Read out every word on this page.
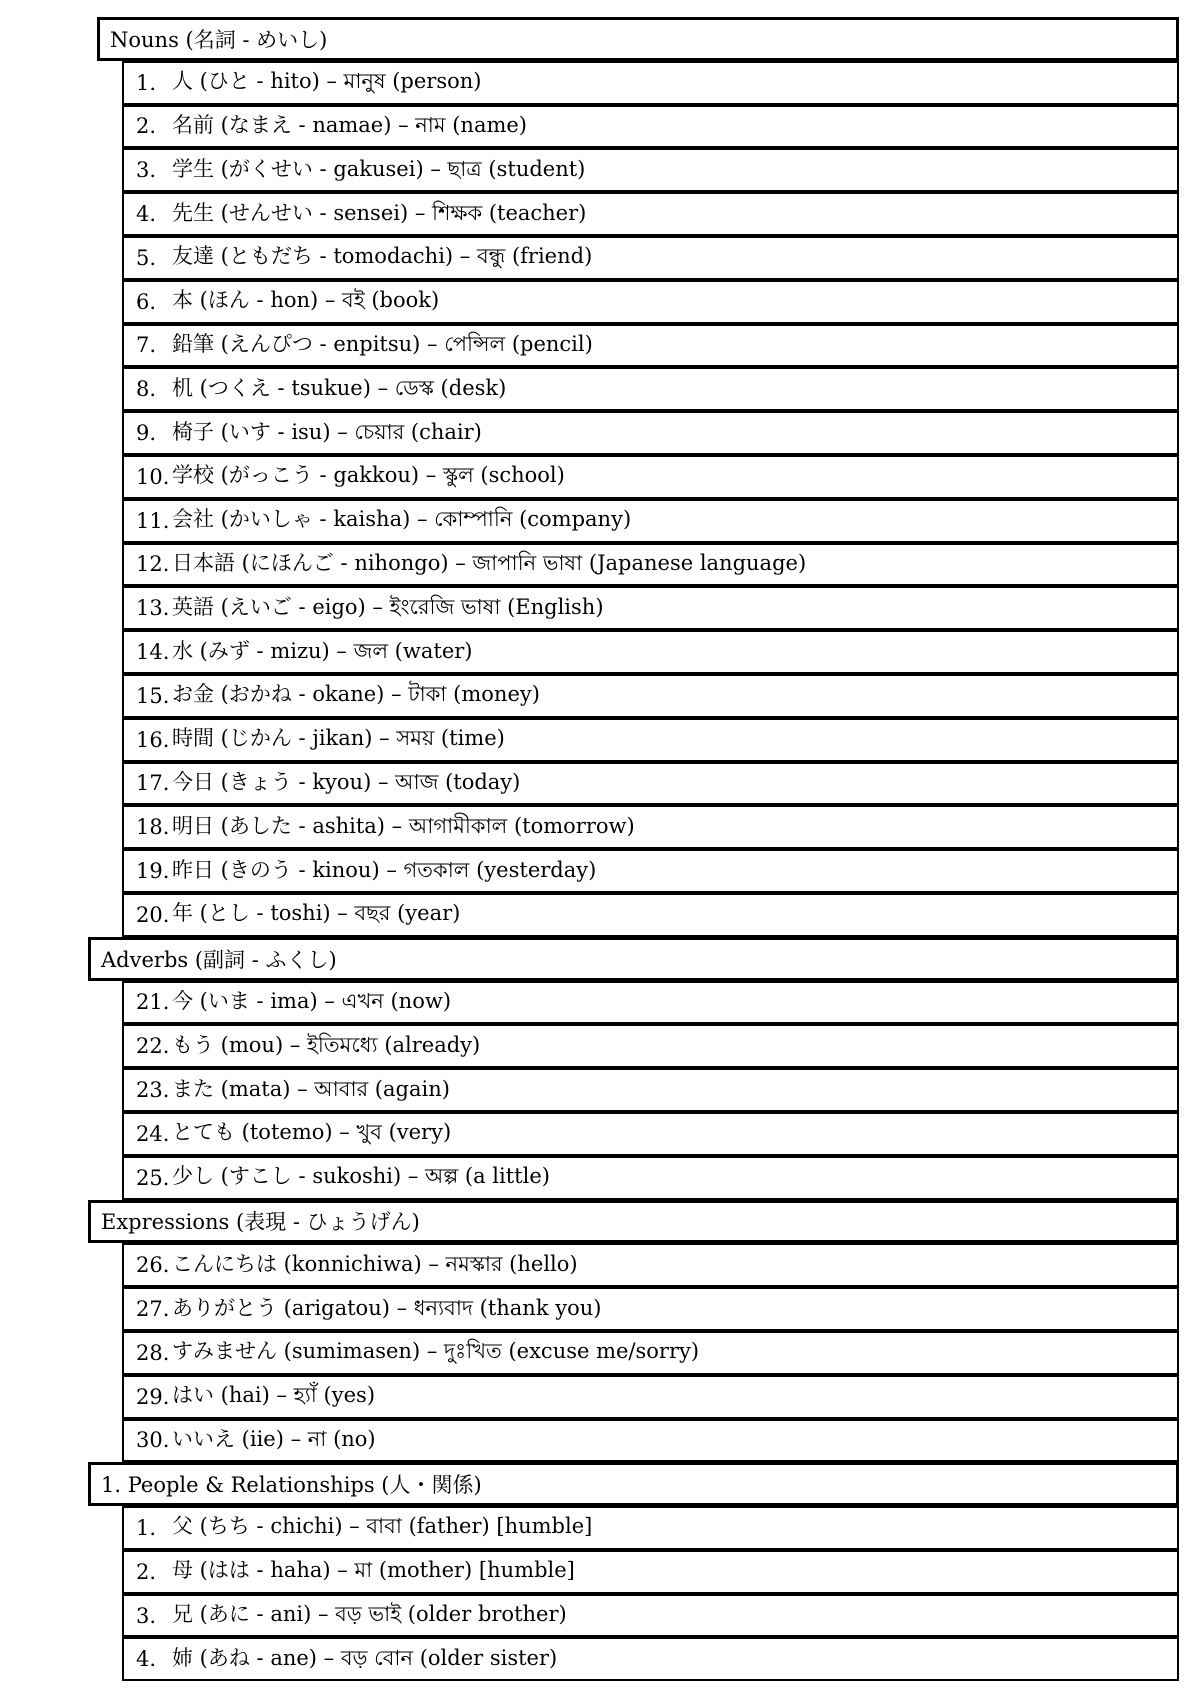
Nouns (名詞 - めいし)
1. 人 (ひと - hito) – মানুষ (person)
2. 名前 (なまえ - namae) – নাম (name)
3. 学生 (がくせい - gakusei) – ছাত্র (student)
4. 先生 (せんせい - sensei) – শিক্ষক (teacher)
5. 友達 (ともだち - tomodachi) – বন্ধু (friend)
6. 本 (ほん - hon) – বই (book)
7. 鉛筆 (えんぴつ - enpitsu) – পেন্সিল (pencil)
8. 机 (つくえ - tsukue) – ডেস্ক (desk)
9. 椅子 (いす - isu) – চেয়ার (chair)
10. 学校 (がっこう - gakkou) – স্কুল (school)
11. 会社 (かいしゃ - kaisha) – কোম্পানি (company)
12. 日本語 (にほんご - nihongo) – জাপানি ভাষা (Japanese language)
13. 英語 (えいご - eigo) – ইংরেজি ভাষা (English)
14. 水 (みず - mizu) – জল (water)
15. お金 (おかね - okane) – টাকা (money)
16. 時間 (じかん - jikan) – সময় (time)
17. 今日 (きょう - kyou) – আজ (today)
18. 明日 (あした - ashita) – আগামীকাল (tomorrow)
19. 昨日 (きのう - kinou) – গতকাল (yesterday)
20. 年 (とし - toshi) – বছর (year)
Adverbs (副詞 - ふくし)
21. 今 (いま - ima) – এখন (now)
22. もう (mou) – ইতিমধ্যে (already)
23. また (mata) – আবার (again)
24. とても (totemo) – খুব (very)
25. 少し (すこし - sukoshi) – অল্প (a little)
Expressions (表現 - ひょうげん)
26. こんにちは (konnichiwa) – নমস্কার (hello)
27. ありがとう (arigatou) – ধন্যবাদ (thank you)
28. すみません (sumimasen) – দুঃখিত (excuse me/sorry)
29. はい (hai) – হ্যাঁ (yes)
30. いいえ (iie) – না (no)
1. People & Relationships (人・関係)
1. 父 (ちち - chichi) – বাবা (father) [humble]
2. 母 (はは - haha) – মা (mother) [humble]
3. 兄 (あに - ani) – বড় ভাই (older brother)
4. 姉 (あね - ane) – বড় বোন (older sister)
